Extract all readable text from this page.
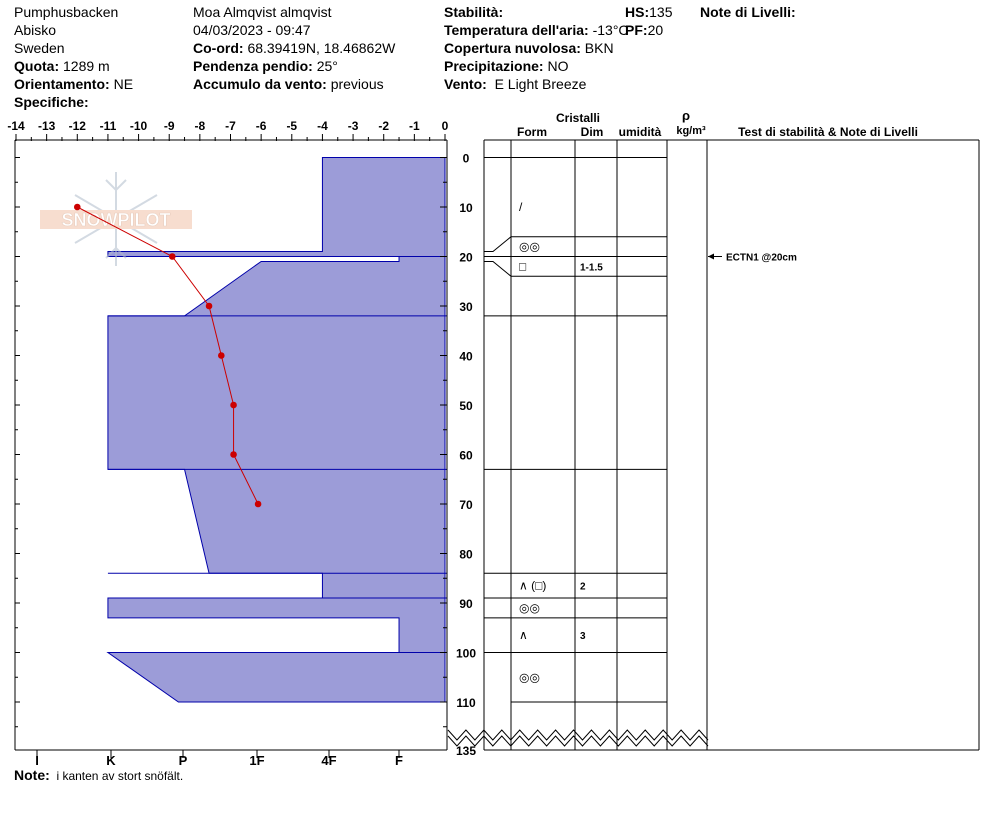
Pumphusbacken
Abisko
Sweden
Quota: 1289 m
Orientamento: NE
Specifiche:
Moa Almqvist almqvist
04/03/2023 - 09:47
Co-ord: 68.39419N, 18.46862W
Pendenza pendio: 25°
Accumulo da vento: previous
Stabilità:
Temperatura dell'aria: -13°C
Copertura nuvolosa: BKN
Precipitazione: NO
Vento: E Light Breeze
HS:135
PF:20
Note di Livelli:
Note: i kanten av stort snöfält.
SNOWPILOT
-14 -13 -12 -11 -10 -9 -8 -7 -6 -5 -4 -3 -2 -1 0
I	K	P	1F	4F	F
0
10
20
30
40
50
60
70
80
90
100
110
135
Cristalli
Form	Dim umidità
ρ
kg/m³	Test di stabilità & Note di Livelli
/
◎◎
□	1-1.5
∧ (□)	2
◎◎
∧	3
◎◎
ECTN1 @20cm
